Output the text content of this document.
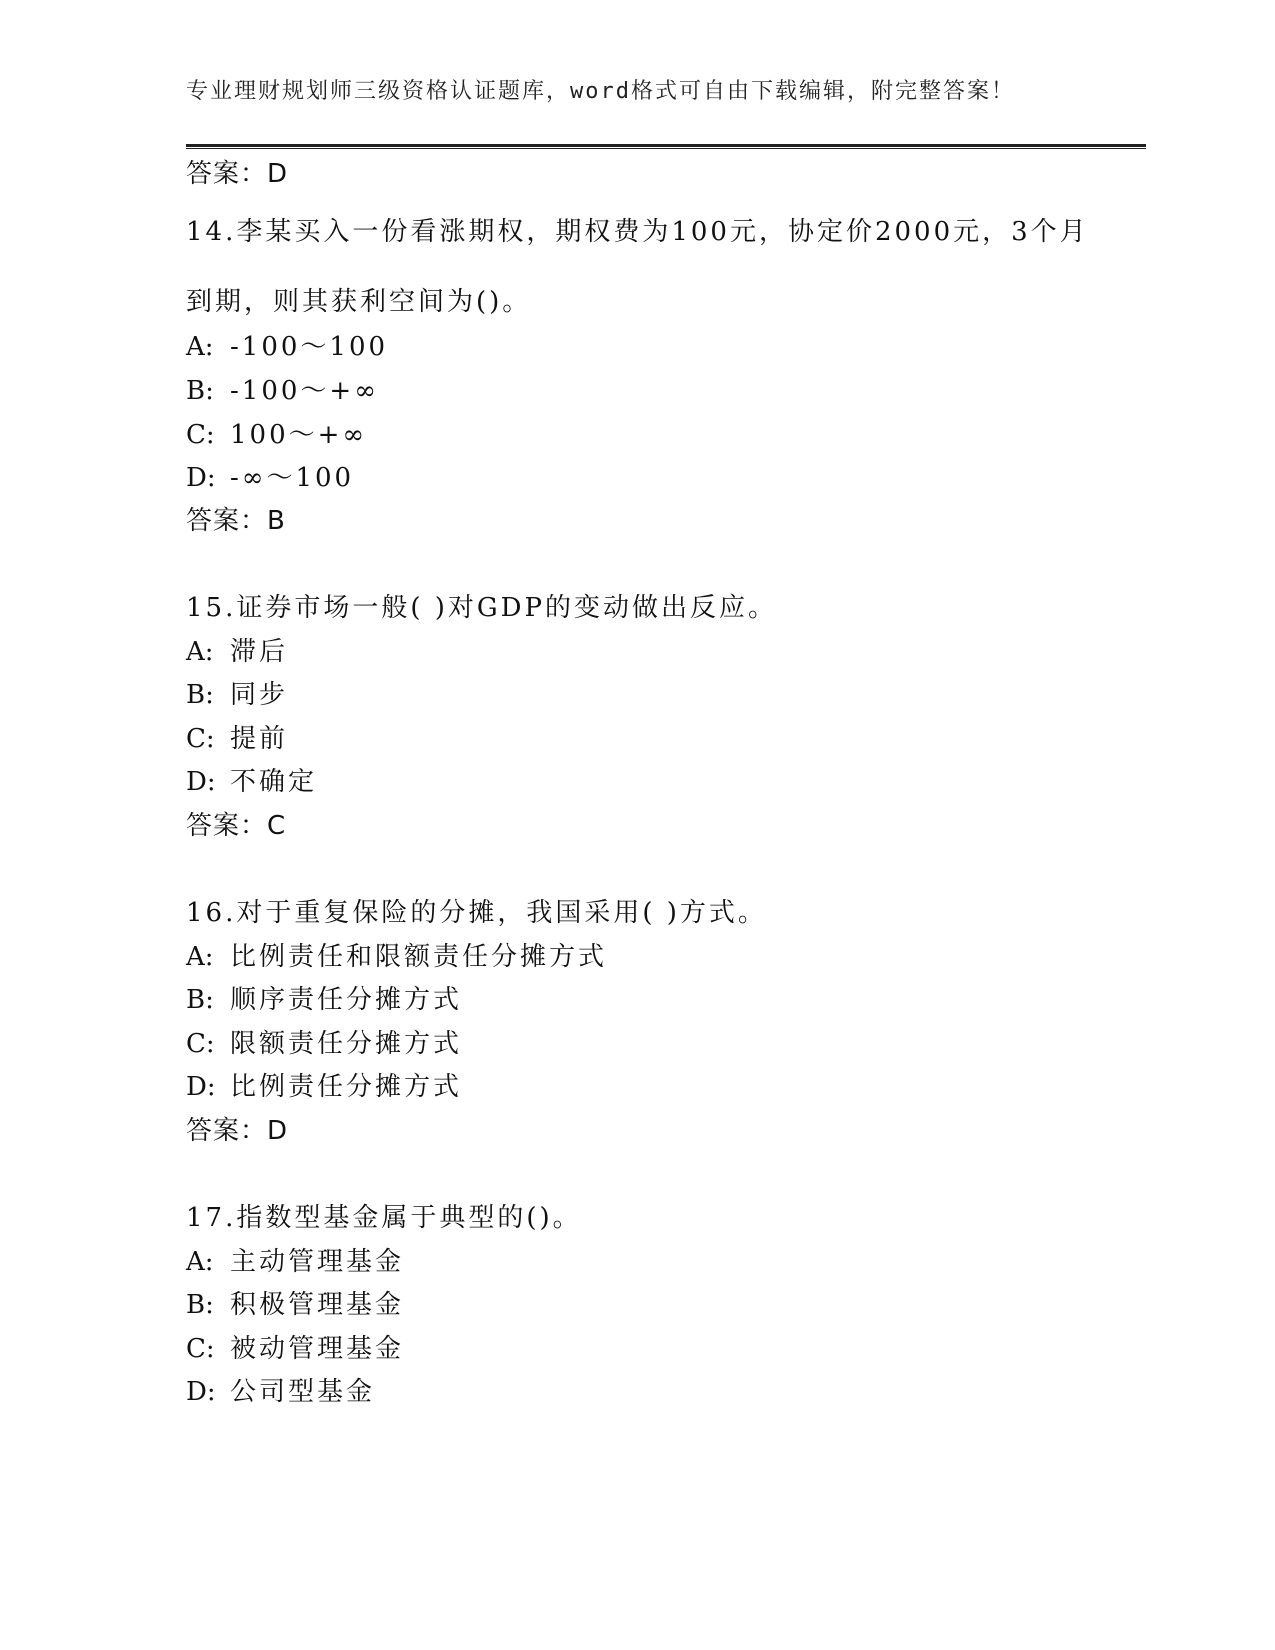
专业理财规划师三级资格认证题库，word格式可自由下载编辑，附完整答案！
答案：D
14.李某买入一份看涨期权，期权费为100元，协定价2000元，3个月
到期，则其获利空间为()。
A: -100～100
B: -100～+∞
C: 100～+∞
D: -∞～100
答案：B
15.证券市场一般( )对GDP的变动做出反应。
A: 滞后
B: 同步
C: 提前
D: 不确定
答案：C
16.对于重复保险的分摊，我国采用( )方式。
A: 比例责任和限额责任分摊方式
B: 顺序责任分摊方式
C: 限额责任分摊方式
D: 比例责任分摊方式
答案：D
17.指数型基金属于典型的()。
A: 主动管理基金
B: 积极管理基金
C: 被动管理基金
D: 公司型基金
